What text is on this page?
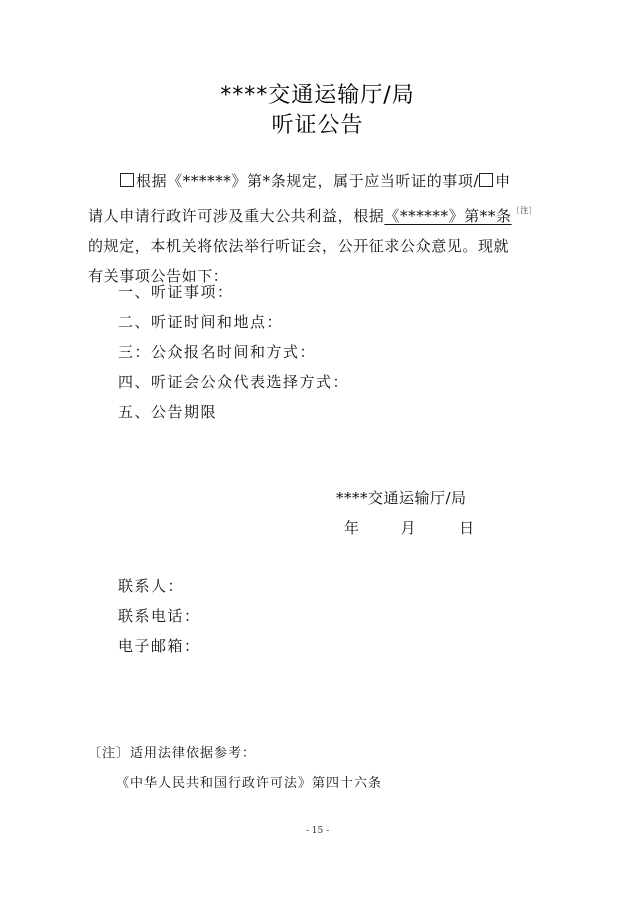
****交通运输厅/局
听证公告

根据《******》第*条规定，属于应当听证的事项/ 申

请人申请行政许可涉及重大公共利益，根据《******》第**条$^{〔注〕}$

的规定，本机关将依法举行听证会，公开征求公众意见。现就

有关事项公告如下：

一、听证事项：
二、听证时间和地点：
三：公众报名时间和方式：
四、听证会公众代表选择方式：
五、公告期限
****交通运输厅/局
年	月	日
联系人：
联系电话：
电子邮箱：
〔注〕适用法律依据参考：
《中华人民共和国行政许可法》第四十六条
- 15 -
